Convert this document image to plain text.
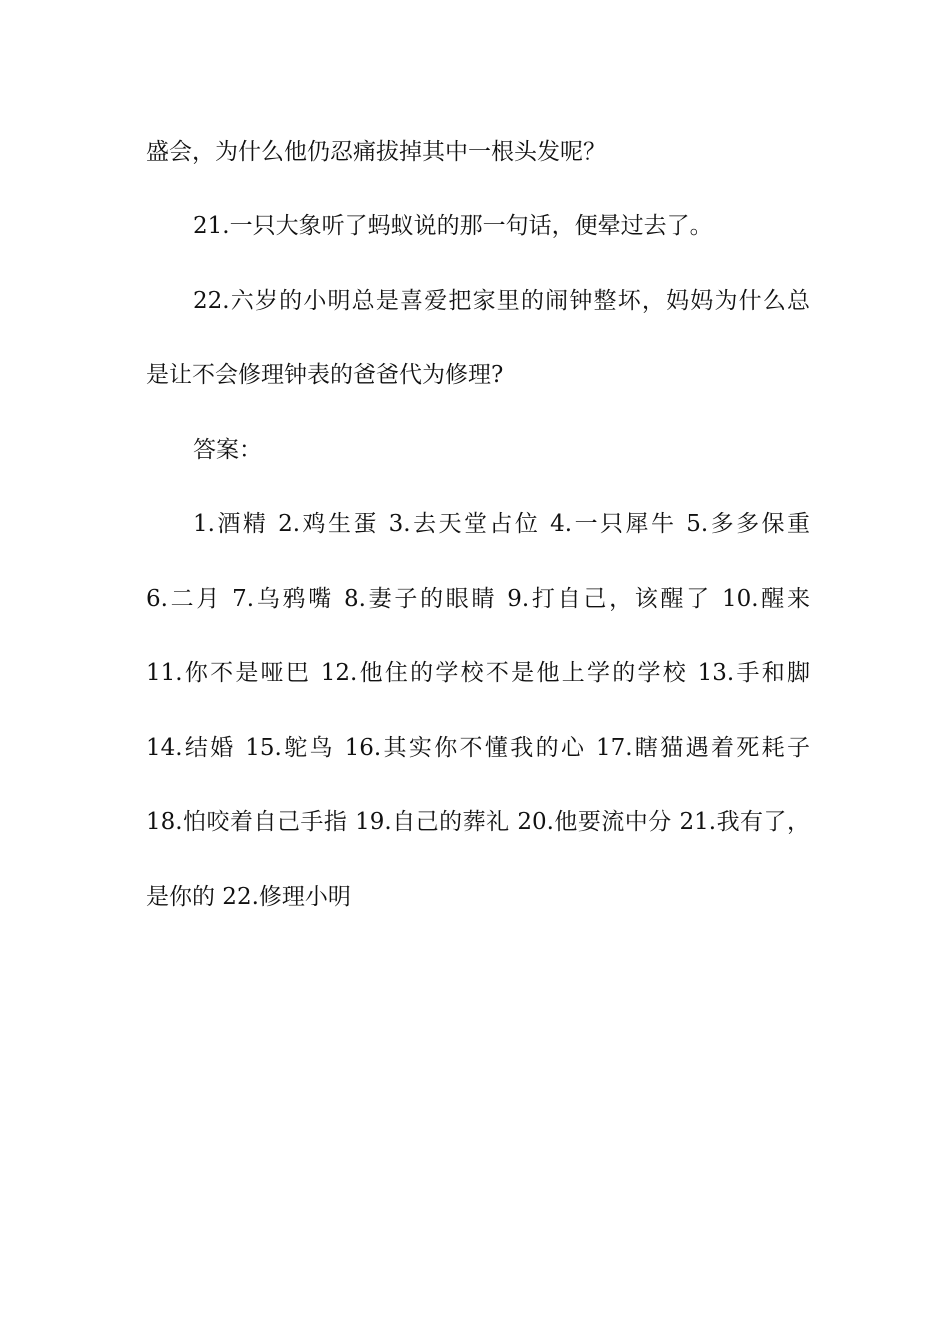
盛会，为什么他仍忍痛拔掉其中一根头发呢？
21.一只大象听了蚂蚁说的那一句话，便晕过去了。
22.六岁的小明总是喜爱把家里的闹钟整坏，妈妈为什么总
是让不会修理钟表的爸爸代为修理?
答案：
1.酒精 2.鸡生蛋 3.去天堂占位 4.一只犀牛 5.多多保重
6.二月 7.乌鸦嘴 8.妻子的眼睛 9.打自己，该醒了 10.醒来
11.你不是哑巴 12.他住的学校不是他上学的学校 13.手和脚
14.结婚 15.鸵鸟 16.其实你不懂我的心 17.瞎猫遇着死耗子
18.怕咬着自己手指 19.自己的葬礼 20.他要流中分 21.我有了，
是你的 22.修理小明
